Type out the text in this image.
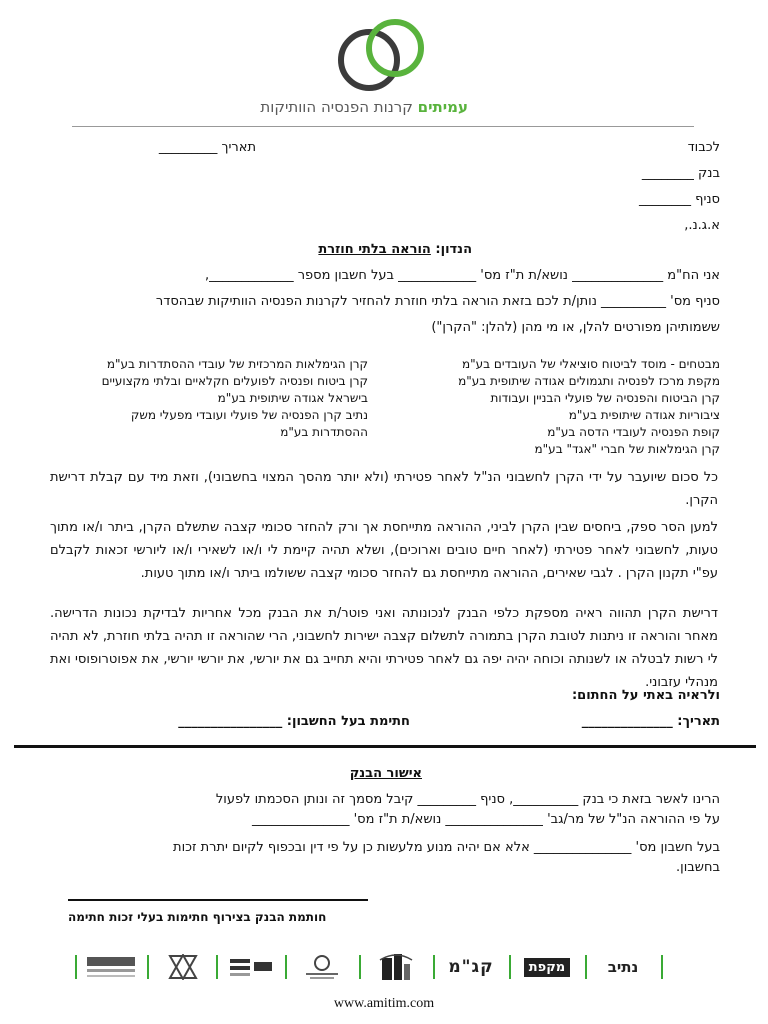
עמיתים קרנות הפנסיה הוותיקות
לכבוד
תאריך _________
בנק ________
סניף ________
א.ג.נ.,
הנדון: הוראה בלתי חוזרת
אני הח"מ ______________ נושא/ת ת"ז מס' ____________ בעל חשבון מספר _____________,
סניף מס' __________ נותן/ת לכם בזאת הוראה בלתי חוזרת להחזיר לקרנות הפנסיה הוותיקות שבהסדר
ששמותיהן מפורטים להלן, או מי מהן (להלן: "הקרן")
מבטחים - מוסד לביטוח סוציאלי של העובדים בע"מ
מקפת מרכז לפנסיה ותגמולים אגודה שיתופית בע"מ
קרן הביטוח והפנסיה של פועלי הבניין ועבודות
ציבוריות אגודה שיתופית בע"מ
קופת הפנסיה לעובדי הדסה בע"מ
קרן הגימלאות של חברי "אגד" בע"מ
קרן הגימלאות המרכזית של עובדי ההסתדרות בע"מ
קרן ביטוח ופנסיה לפועלים חקלאיים ובלתי מקצועיים
בישראל אגודה שיתופית בע"מ
נתיב קרן הפנסיה של פועלי ועובדי מפעלי משק
ההסתדרות בע"מ
כל סכום שיועבר על ידי הקרן לחשבוני הנ"ל לאחר פטירתי (ולא יותר מהסך המצוי בחשבוני), וזאת מיד עם קבלת דרישת הקרן.
למען הסר ספק, ביחסים שבין הקרן לביני, ההוראה מתייחסת אך ורק להחזר סכומי קצבה שתשלם הקרן, ביתר ו/או מתוך טעות, לחשבוני לאחר פטירתי (לאחר חיים טובים וארוכים), ושלא תהיה קיימת לי ו/או לשאירי ו/או ליורשי זכאות לקבלם עפ"י תקנון הקרן . לגבי שאירים, ההוראה מתייחסת גם להחזר סכומי קצבה ששולמו ביתר ו/או מתוך טעות.
דרישת הקרן תהווה ראיה מספקת כלפי הבנק לנכונותה ואני פוטר/ת את הבנק מכל אחריות לבדיקת נכונות הדרישה. מאחר והוראה זו ניתנות לטובת הקרן בתמורה לתשלום קצבה ישירות לחשבוני, הרי שהוראה זו תהיה בלתי חוזרת, לא תהיה לי רשות לבטלה או לשנותה וכוחה יהיה יפה גם לאחר פטירתי והיא תחייב גם את יורשי, את יורשי יורשי, את אפוטרופוסי ואת מנהלי עזבוני.
ולראיה באתי על החתום:
תאריך: ______________
חתימת בעל החשבון: ________________
אישור הבנק
הרינו לאשר בזאת כי בנק __________, סניף _________ קיבל מסמך זה ונותן הסכמתו לפעול
על פי ההוראה הנ"ל של מר/גב' _______________ נושא/ת ת"ז מס' _______________
בעל חשבון מס' _______________ אלא אם יהיה מנוע מלעשות כן על פי דין ובכפוף לקיום יתרת זכות
בחשבון.
חותמת הבנק בצירוף חתימות בעלי זכות חתימה
קג"מ	מקפת	נתיב
www.amitim.com
